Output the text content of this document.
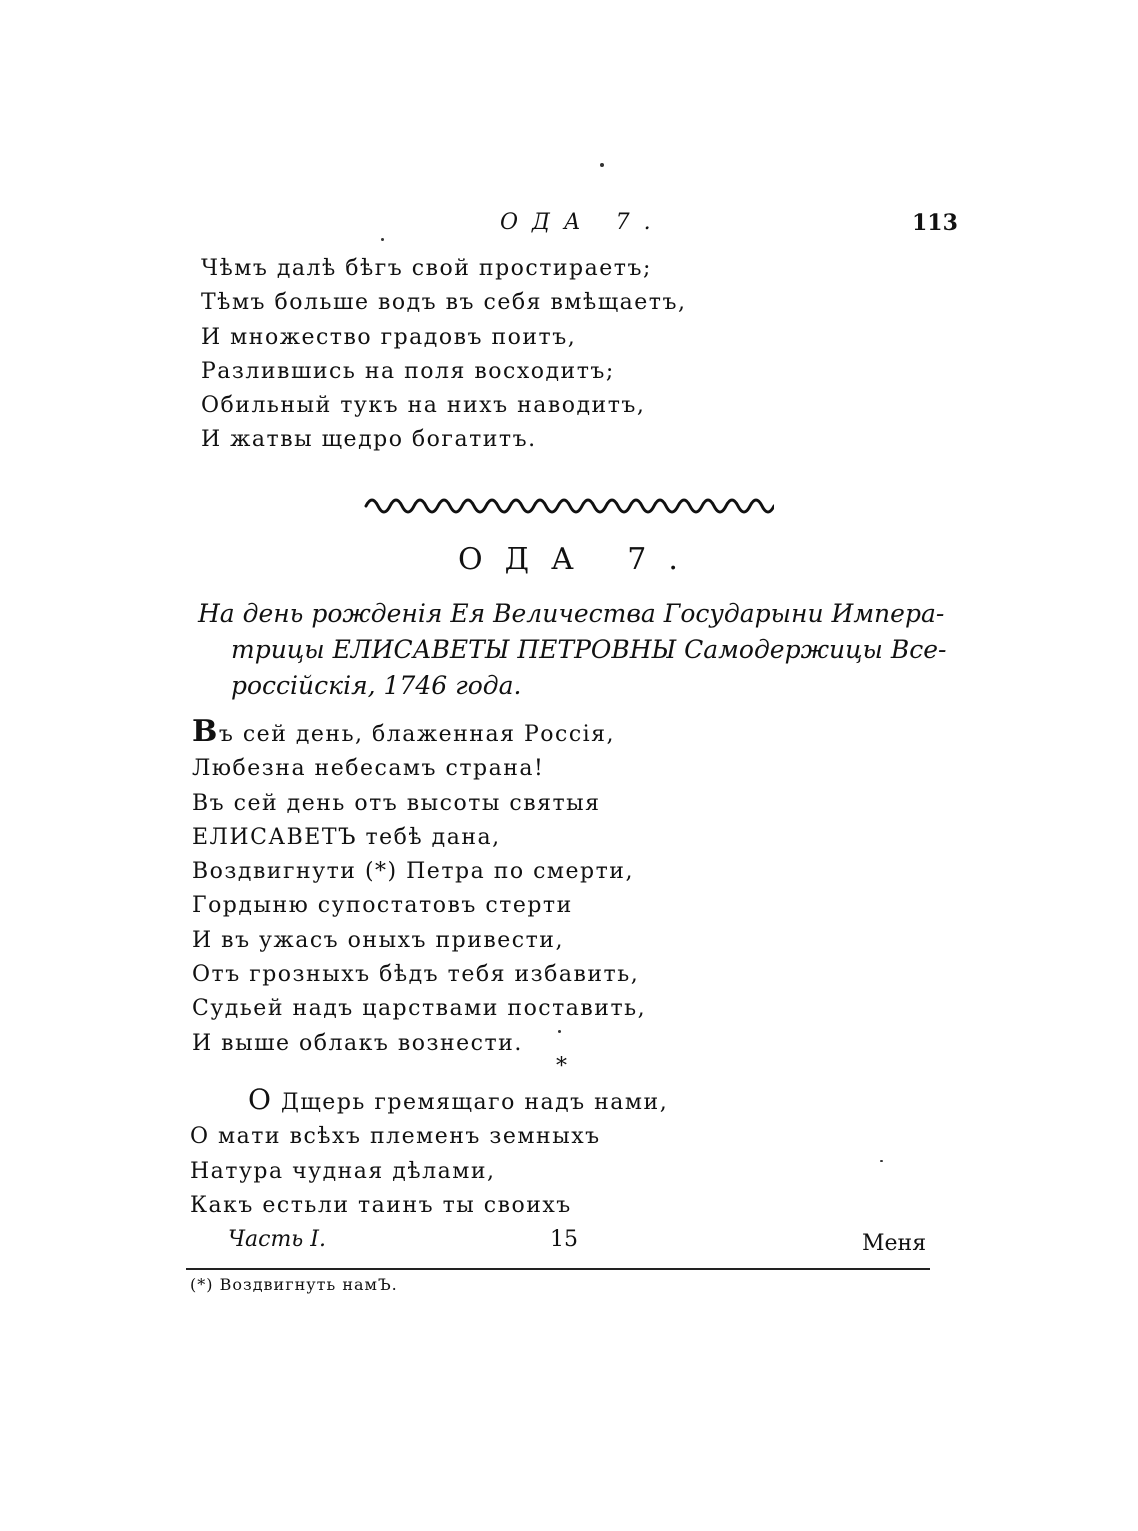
ОДА 7.	113
Чѣмъ далѣ бѣгъ свой простираетъ;
Тѣмъ больше водъ въ себя вмѣщаетъ,
И множество градовъ поитъ,
Разлившись на поля восходитъ;
Обильный тукъ на нихъ наводитъ,
И жатвы щедро богатитъ.
ОДА 7.
На день рожденія Ея Величества Государыни Импера-
трицы ЕЛИСАВЕТЫ ПЕТРОВНЫ Самодержицы Все-
россійскія, 1746 года.
Въ сей день, блаженная Россія,
Любезна небесамъ страна!
Въ сей день отъ высоты святыя
ЕЛИСАВЕТЪ тебѣ дана,
Воздвигнути (*) Петра по смерти,
Гордыню супостатовъ стерти
И въ ужасъ оныхъ привести,
Отъ грозныхъ бѣдъ тебя избавить,
Судьей надъ царствами поставить,
И выше облакъ вознести.
*
О Дщерь гремящаго надъ нами,
О мати всѣхъ племенъ земныхъ
Натура чудная дѣлами,
Какъ естьли таинъ ты своихъ
Часть I.	15	Меня
(*) Воздвигнуть намЪ.
